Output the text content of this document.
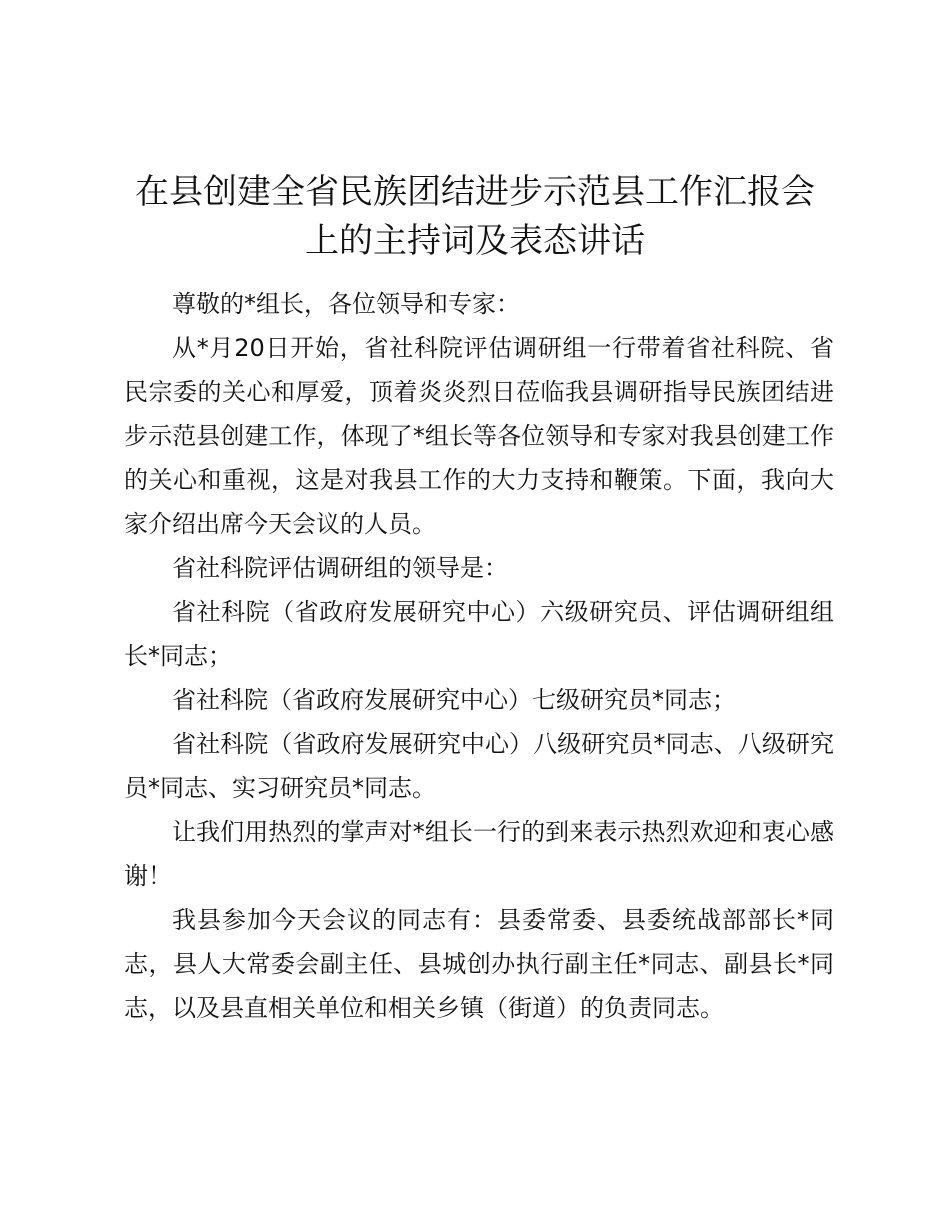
在县创建全省民族团结进步示范县工作汇报会
上的主持词及表态讲话

尊敬的*组长，各位领导和专家：

从*月20日开始，省社科院评估调研组一行带着省社科院、省民宗委的关心和厚爱，顶着炎炎烈日莅临我县调研指导民族团结进步示范县创建工作，体现了*组长等各位领导和专家对我县创建工作的关心和重视，这是对我县工作的大力支持和鞭策。下面，我向大家介绍出席今天会议的人员。

省社科院评估调研组的领导是：

省社科院（省政府发展研究中心）六级研究员、评估调研组组长*同志；

省社科院（省政府发展研究中心）七级研究员*同志；

省社科院（省政府发展研究中心）八级研究员*同志、八级研究员*同志、实习研究员*同志。

让我们用热烈的掌声对*组长一行的到来表示热烈欢迎和衷心感谢！

我县参加今天会议的同志有：县委常委、县委统战部部长*同志，县人大常委会副主任、县城创办执行副主任*同志、副县长*同志，以及县直相关单位和相关乡镇（街道）的负责同志。
